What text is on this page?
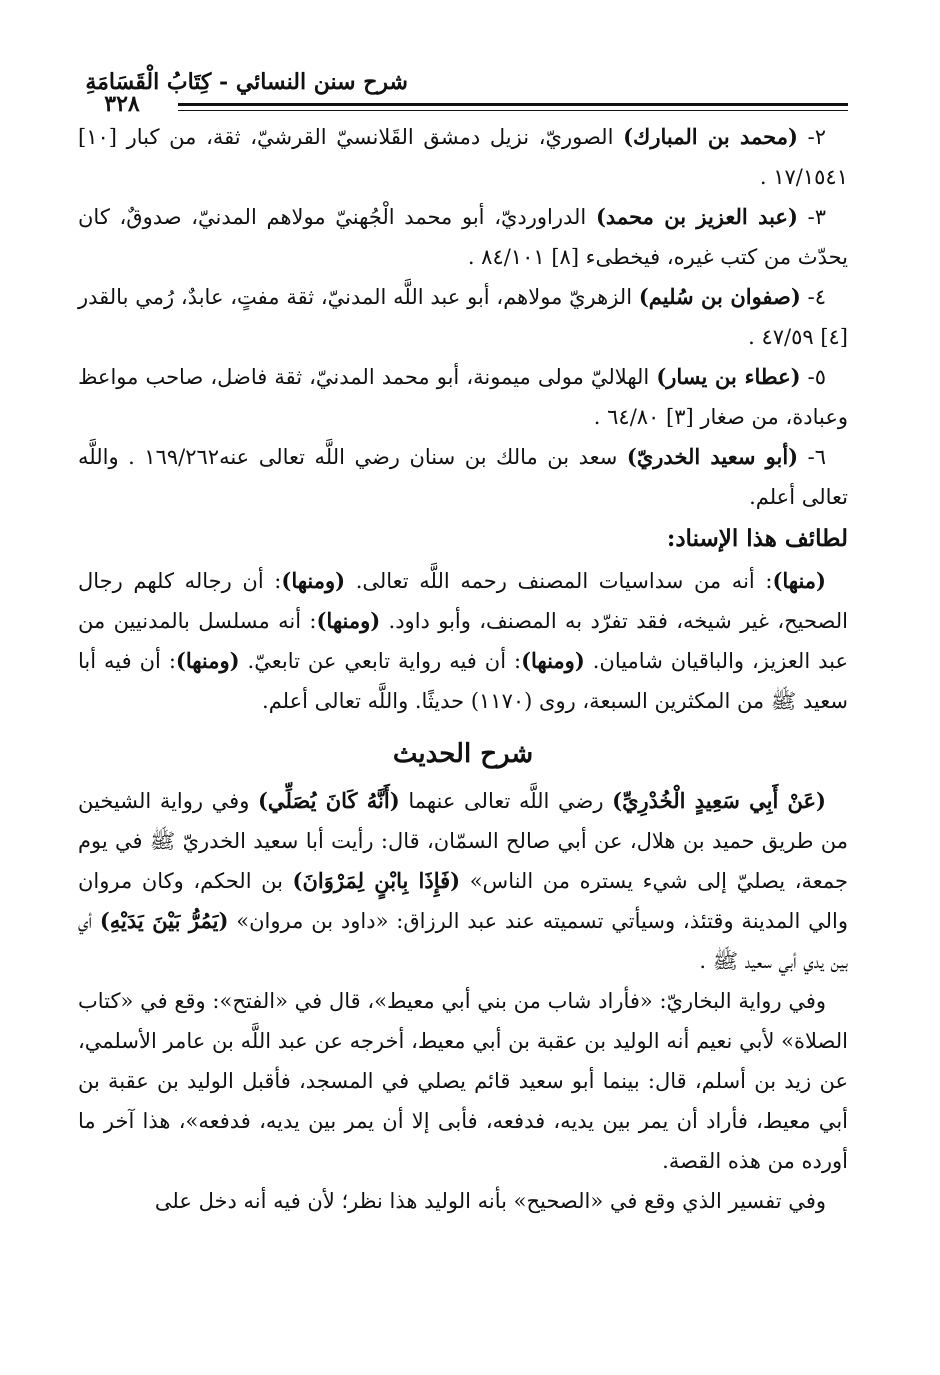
شرح سنن النسائي - كِتَابُ الْقَسَامَةِ
٣٢٨

٢- (محمد بن المبارك) الصوريّ، نزيل دمشق القَلانسيّ القرشيّ، ثقة، من كبار [١٠] ١٧/١٥٤١ .

٣- (عبد العزيز بن محمد) الدراورديّ، أبو محمد الْجُهنيّ مولاهم المدنيّ، صدوقٌ، كان يحدّث من كتب غيره، فيخطىء [٨] ٨٤/١٠١ .

٤- (صفوان بن سُليم) الزهريّ مولاهم، أبو عبد اللَّه المدنيّ، ثقة مفتٍ، عابدٌ، رُمي بالقدر [٤] ٤٧/٥٩ .

٥- (عطاء بن يسار) الهلاليّ مولى ميمونة، أبو محمد المدنيّ، ثقة فاضل، صاحب مواعظ وعبادة، من صغار [٣] ٦٤/٨٠ .

٦- (أبو سعيد الخدريّ) سعد بن مالك بن سنان رضي اللَّه تعالى عنه١٦٩/٢٦٢ . واللَّه تعالى أعلم.

لطائف هذا الإسناد:

(منها): أنه من سداسيات المصنف رحمه اللَّه تعالى. (ومنها): أن رجاله كلهم رجال الصحيح، غير شيخه، فقد تفرّد به المصنف، وأبو داود. (ومنها): أنه مسلسل بالمدنيين من عبد العزيز، والباقيان شاميان. (ومنها): أن فيه رواية تابعي عن تابعيّ. (ومنها): أن فيه أبا سعيد ﷺ من المكثرين السبعة، روى (١١٧٠) حديثًا. واللَّه تعالى أعلم.

شرح الحديث

(عَنْ أَبِي سَعِيدٍ الْخُدْرِيِّ) رضي اللَّه تعالى عنهما (أَنَّهُ كَانَ يُصَلِّي) وفي رواية الشيخين من طريق حميد بن هلال، عن أبي صالح السمّان، قال: رأيت أبا سعيد الخدريّ ﷺ في يوم جمعة، يصليّ إلى شيء يستره من الناس» (فَإِذَا بِابْنٍ لِمَرْوَانَ) بن الحكم، وكان مروان والي المدينة وقتئذ، وسيأتي تسميته عند عبد الرزاق: «داود بن مروان» (يَمُرُّ بَيْنَ يَدَيْهِ) أي بين يدي أبي سعيد ﷺ .

وفي رواية البخاريّ: «فأراد شاب من بني أبي معيط»، قال في «الفتح»: وقع في «كتاب الصلاة» لأبي نعيم أنه الوليد بن عقبة بن أبي معيط، أخرجه عن عبد اللَّه بن عامر الأسلمي، عن زيد بن أسلم، قال: بينما أبو سعيد قائم يصلي في المسجد، فأقبل الوليد بن عقبة بن أبي معيط، فأراد أن يمر بين يديه، فدفعه، فأبى إلا أن يمر بين يديه، فدفعه»، هذا آخر ما أورده من هذه القصة.

وفي تفسير الذي وقع في «الصحيح» بأنه الوليد هذا نظر؛ لأن فيه أنه دخل على
